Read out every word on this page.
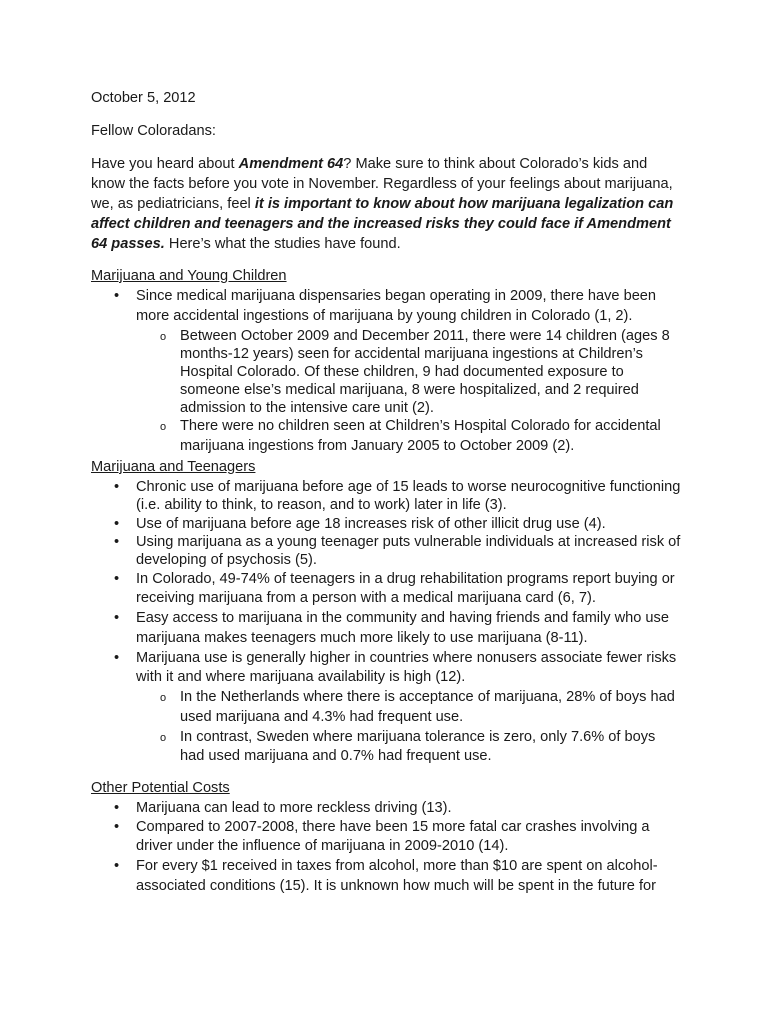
October 5, 2012
Fellow Coloradans:
Have you heard about Amendment 64? Make sure to think about Colorado’s kids and know the facts before you vote in November. Regardless of your feelings about marijuana, we, as pediatricians, feel it is important to know about how marijuana legalization can affect children and teenagers and the increased risks they could face if Amendment 64 passes. Here’s what the studies have found.

Marijuana and Young Children

• Since medical marijuana dispensaries began operating in 2009, there have been more accidental ingestions of marijuana by young children in Colorado (1, 2).
o Between October 2009 and December 2011, there were 14 children (ages 8 months-12 years) seen for accidental marijuana ingestions at Children’s Hospital Colorado. Of these children, 9 had documented exposure to someone else’s medical marijuana, 8 were hospitalized, and 2 required admission to the intensive care unit (2).
o There were no children seen at Children’s Hospital Colorado for accidental marijuana ingestions from January 2005 to October 2009 (2).

Marijuana and Teenagers

• Chronic use of marijuana before age of 15 leads to worse neurocognitive functioning (i.e. ability to think, to reason, and to work) later in life (3).
• Use of marijuana before age 18 increases risk of other illicit drug use (4).
• Using marijuana as a young teenager puts vulnerable individuals at increased risk of developing of psychosis (5).
• In Colorado, 49-74% of teenagers in a drug rehabilitation programs report buying or receiving marijuana from a person with a medical marijuana card (6, 7).
• Easy access to marijuana in the community and having friends and family who use marijuana makes teenagers much more likely to use marijuana (8-11).
• Marijuana use is generally higher in countries where nonusers associate fewer risks with it and where marijuana availability is high (12).
o In the Netherlands where there is acceptance of marijuana, 28% of boys had used marijuana and 4.3% had frequent use.
o In contrast, Sweden where marijuana tolerance is zero, only 7.6% of boys had used marijuana and 0.7% had frequent use.

Other Potential Costs

• Marijuana can lead to more reckless driving (13).
• Compared to 2007-2008, there have been 15 more fatal car crashes involving a driver under the influence of marijuana in 2009-2010 (14).
• For every $1 received in taxes from alcohol, more than $10 are spent on alcohol-associated conditions (15). It is unknown how much will be spent in the future for
